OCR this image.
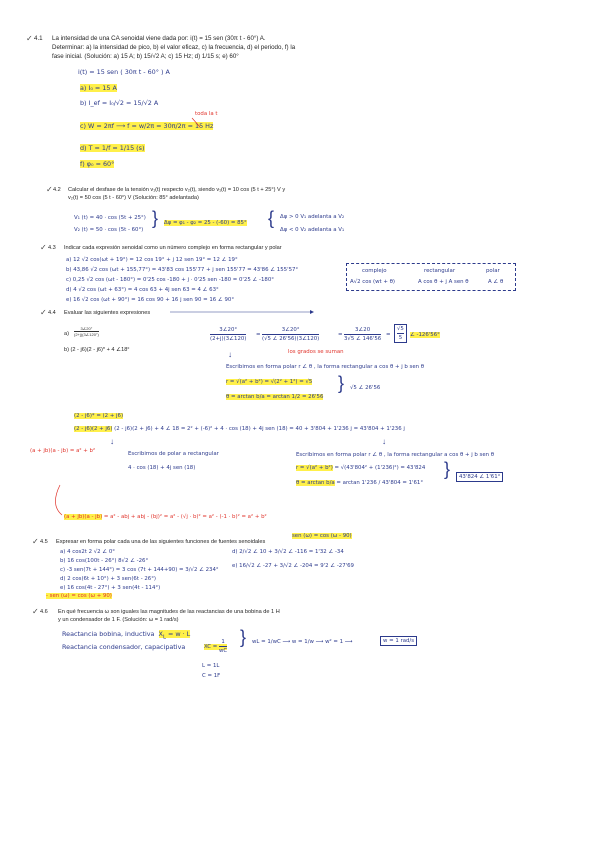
✓ 4.1 La intensidad de una CA senoidal viene dada por: i(t) = 15 sen (30π t - 60°) A.
Determinar: a) la intensidad de pico, b) el valor eficaz, c) la frecuencia, d) el periodo, f) la
fase inicial. (Solución: a) 15 A; b) 15/√2 A; c) 15 Hz; d) 1/15 s; e) 60°
i(t) = 15 sen ( 30π t - 60° ) A
a) I₀ = 15 A
b) I_ef = I₀/√2 = 15/√2 A
toda la t
c) W = 2πf ⟶ f = w/2π = 30π/2π = 15 Hz
d) T = 1/f = 1/15 (s)
f) φ₀ = 60°
✓ 4.2 Calcular el desfase de la tensión v₁(t) respecto v₂(t), siendo v₁(t) = 10 cos (5 t + 25°) V y
v₂(t) = 50 cos (5 t - 60°) V (Solución: 85° adelantada)
V₁ (t) = 40 · cos (5t + 25°)
V₂ (t) = 50 · cos (5t - 60°)
} Δφ = φ₁ - φ₂ = 25 - (-60) = 85° { Δφ > 0 V₁ adelanta a V₂
Δφ < 0 V₂ adelanta a V₁
✓ 4.3 Indicar cada expresión senoidal como un número complejo en forma rectangular y polar
a) 12 √2 cos(ωt + 19°) = 12 cos 19° + j 12 sen 19° = 12 ∠ 19°
b) 43,86 √2 cos (ωt + 155,77°) = 43'83 cos 155'77 + j sen 155'77 = 43'86 ∠ 155'57°
c) 0,25 √2 cos (ωt - 180°) = 0'25 cos -180 + j · 0'25 sen -180 = 0'25 ∠ -180°
d) 4 √2 cos (ωt + 63°) = 4 cos 63 + 4j sen 63 = 4 ∠ 63°
e) 16 √2 cos (ωt + 90°) = 16 cos 90 + 16 j sen 90 = 16 ∠ 90°
complejo	rectangular	polar
A√2 cos (wt + θ)	A cos θ + j A sen θ	A ∠ θ
✓ 4.4 Evaluar las siguientes expresiones
a)
3∠20°
(2+j)(3∠120°)	$\frac{3\angle 20^\circ}{(2+j)(3\angle 120)} = \frac{3\angle 20^\circ}{(√5 \angle 26'56)(3\angle 120)}$	= $\frac{3\angle 20}{3√5 \angle 146'56} = \frac{√5}{5}$ ∠ -126'56°
los grados se suman
b) (2 - j6)(2 - j6)* + 4 ∠18°	↓
Escribimos en forma polar r ∠ θ , la forma rectangular a cos θ + j b sen θ
r = √(a² + b²) = √(2² + 1²) = √5
θ = arctan b/a = arctan 1/2 = 26'56
} √5 ∠ 26'56
(2 - j6)* = (2 + j6)
(2 - j6)(2 + j6) (2 - j6)(2 + j6) + 4 ∠ 18 = 2² + (-6)² + 4 · cos (18) + 4j sen (18) = 40 + 3'804 + 1'236 j = 43'804 + 1'236 j
(a + jb)(a - jb) = a² + b²
↓
Escribimos de polar a rectangular
4 · cos (18) + 4j sen (18)
↓
Escribimos en forma polar r ∠ θ , la forma rectangular a cos θ + j b sen θ
r = √(a² + b²) = √(43'804² + (1'236)²) = 43'824
θ = arctan b/a = arctan 1'236 / 43'804 = 1'61°
}	43'824 ∠ 1'61°
(a + jb)(a - jb) = a² - abj + abj - (bj)² = a² - (√j · b)² = a² - (-1 · b)² = a² + b²
sen (ω) = cos (ω - 90)
✓ 4.5 Expresar en forma polar cada una de las siguientes funciones de fuentes senoidales
a) 4 cos2t 2 √2 ∠ 0°
b) 16 cos(100t - 26°) 8√2 ∠ -26°
c) -3 sen(7t + 144°) = 3 cos (7t + 144+90) = 3/√2 ∠ 234°
d) 2 cos(6t + 10°) + 3 sen(6t - 26°)
e) 16 cos(4t - 27°) + 3 sen(4t - 114°)
d) 2/√2 ∠ 10 + 3/√2 ∠ -116 = 1'32 ∠ -34
e) 16/√2 ∠ -27 + 3/√2 ∠ -204 = 9'2 ∠ -27'69
- sen (ω) = cos (ω + 90)
✓ 4.6 En qué frecuencia ω son iguales las magnitudes de las reactancias de una bobina de 1 H
y un condensador de 1 F. (Solución: ω = 1 rad/s)
Reactancia bobina, inductiva  $X_L = w \cdot L$
Reactancia condensador, capacipativa	XC = $\frac{1}{wC}$ } wL = 1/wC ⟶ w = 1/w ⟶ w² = 1 ⟶	w = 1 rad/s
L = 1L
C = 1F
